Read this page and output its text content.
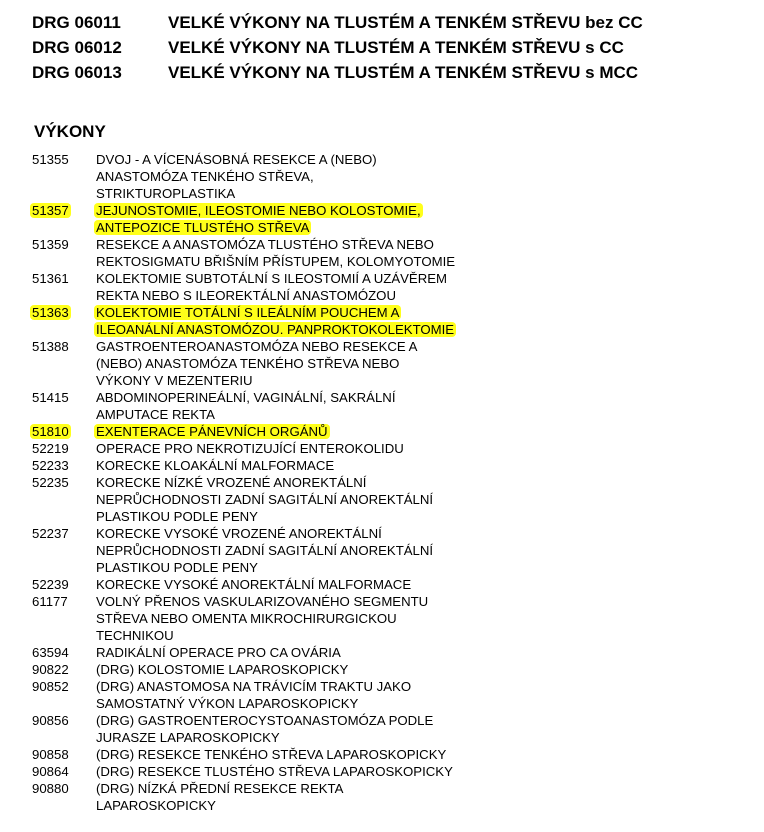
DRG 06011	VELKÉ VÝKONY NA TLUSTÉM A TENKÉM STŘEVU bez CC
DRG 06012	VELKÉ VÝKONY NA TLUSTÉM A TENKÉM STŘEVU s CC
DRG 06013	VELKÉ VÝKONY NA TLUSTÉM A TENKÉM STŘEVU s MCC
VÝKONY
51355	DVOJ - A VÍCENÁSOBNÁ RESEKCE A (NEBO)
ANASTOMÓZA TENKÉHO STŘEVA,
STRIKTUROPLASTIKA
51357	JEJUNOSTOMIE, ILEOSTOMIE NEBO KOLOSTOMIE,
ANTEPOZICE TLUSTÉHO STŘEVA
51359	RESEKCE A ANASTOMÓZA TLUSTÉHO STŘEVA NEBO
REKTOSIGMATU BŘIŠNÍM PŘÍSTUPEM, KOLOMYOTOMIE
51361	KOLEKTOMIE SUBTOTÁLNÍ S ILEOSTOMIÍ A UZÁVĚREM
REKTA NEBO S ILEOREKTÁLNÍ ANASTOMÓZOU
51363	KOLEKTOMIE TOTÁLNÍ S ILEÁLNÍM POUCHEM A
ILEOANÁLNÍ ANASTOMÓZOU. PANPROKTOKOLEKTOMIE
51388	GASTROENTEROANASTOMÓZA NEBO RESEKCE A
(NEBO) ANASTOMÓZA TENKÉHO STŘEVA NEBO
VÝKONY V MEZENTERIU
51415	ABDOMINOPERINEÁLNÍ, VAGINÁLNÍ, SAKRÁLNÍ
AMPUTACE REKTA
51810	EXENTERACE PÁNEVNÍCH ORGÁNŮ
52219	OPERACE PRO NEKROTIZUJÍCÍ ENTEROKOLIDU
52233	KORECKE KLOAKÁLNÍ MALFORMACE
52235	KORECKE NÍZKÉ VROZENÉ ANOREKTÁLNÍ
NEPRŮCHODNOSTI ZADNÍ SAGITÁLNÍ ANOREKTÁLNÍ
PLASTIKOU PODLE PENY
52237	KORECKE VYSOKÉ VROZENÉ ANOREKTÁLNÍ
NEPRŮCHODNOSTI ZADNÍ SAGITÁLNÍ ANOREKTÁLNÍ
PLASTIKOU PODLE PENY
52239	KORECKE VYSOKÉ ANOREKTÁLNÍ MALFORMACE
61177	VOLNÝ PŘENOS VASKULARIZOVANÉHO SEGMENTU
STŘEVA NEBO OMENTA MIKROCHIRURGICKOU
TECHNIKOU
63594	RADIKÁLNÍ OPERACE PRO CA OVÁRIA
90822	(DRG) KOLOSTOMIE LAPAROSKOPICKY
90852	(DRG) ANASTOMOSA NA TRÁVICÍM TRAKTU JAKO
SAMOSTATNÝ VÝKON LAPAROSKOPICKY
90856	(DRG) GASTROENTEROCYSTOANASTOMÓZA PODLE
JURASZE LAPAROSKOPICKY
90858	(DRG) RESEKCE TENKÉHO STŘEVA LAPAROSKOPICKY
90864	(DRG) RESEKCE TLUSTÉHO STŘEVA LAPAROSKOPICKY
90880	(DRG) NÍZKÁ PŘEDNÍ RESEKCE REKTA
LAPAROSKOPICKY
